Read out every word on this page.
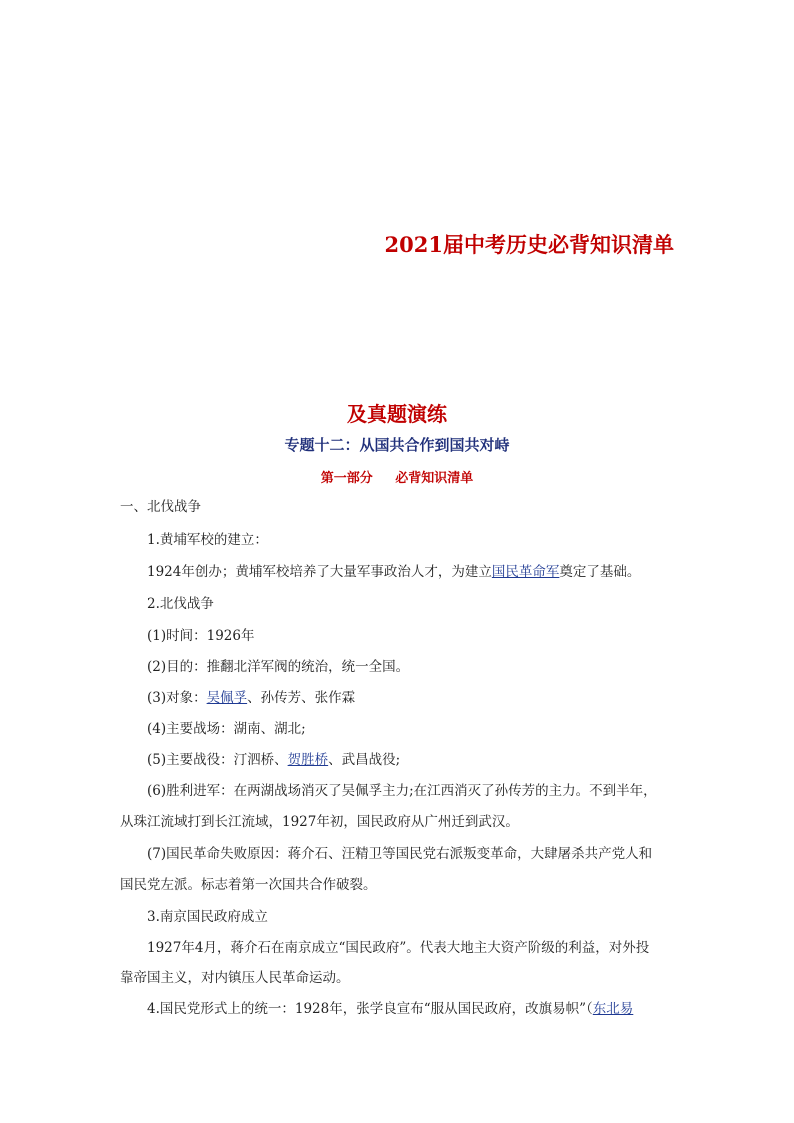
2021届中考历史必背知识清单
及真题演练
专题十二：从国共合作到国共对峙
第一部分 必背知识清单
一、北伐战争
1.黄埔军校的建立：
1924年创办；黄埔军校培养了大量军事政治人才，为建立国民革命军奠定了基础。
2.北伐战争
(1)时间：1926年
(2)目的：推翻北洋军阀的统治，统一全国。
(3)对象：吴佩孚、孙传芳、张作霖
(4)主要战场：湖南、湖北;
(5)主要战役：汀泗桥、贺胜桥、武昌战役;
(6)胜利进军：在两湖战场消灭了吴佩孚主力;在江西消灭了孙传芳的主力。不到半年，
从珠江流域打到长江流域，1927年初，国民政府从广州迁到武汉。
(7)国民革命失败原因：蒋介石、汪精卫等国民党右派叛变革命，大肆屠杀共产党人和
国民党左派。标志着第一次国共合作破裂。
3.南京国民政府成立
1927年4月，蒋介石在南京成立“国民政府”。代表大地主大资产阶级的利益，对外投
靠帝国主义，对内镇压人民革命运动。
4.国民党形式上的统一：1928年，张学良宣布“服从国民政府，改旗易帜”（东北易
